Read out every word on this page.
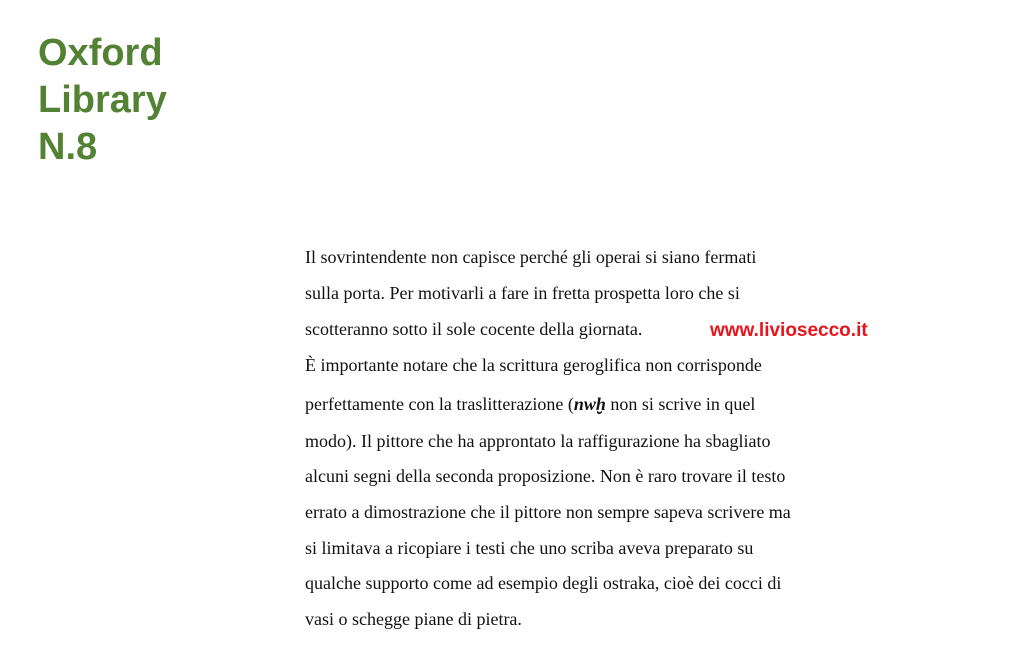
Oxford
Library
N.8
Il sovrintendente non capisce perché gli operai si siano fermati
sulla porta. Per motivarli a fare in fretta prospetta loro che si
scotteranno sotto il sole cocente della giornata.
È importante notare che la scrittura geroglifica non corrisponde
perfettamente con la traslitterazione (nwḫ non si scrive in quel
modo). Il pittore che ha approntato la raffigurazione ha sbagliato
alcuni segni della seconda proposizione. Non è raro trovare il testo
errato a dimostrazione che il pittore non sempre sapeva scrivere ma
si limitava a ricopiare i testi che uno scriba aveva preparato su
qualche supporto come ad esempio degli ostraka, cioè dei cocci di
vasi o schegge piane di pietra.
www.liviosecco.it
